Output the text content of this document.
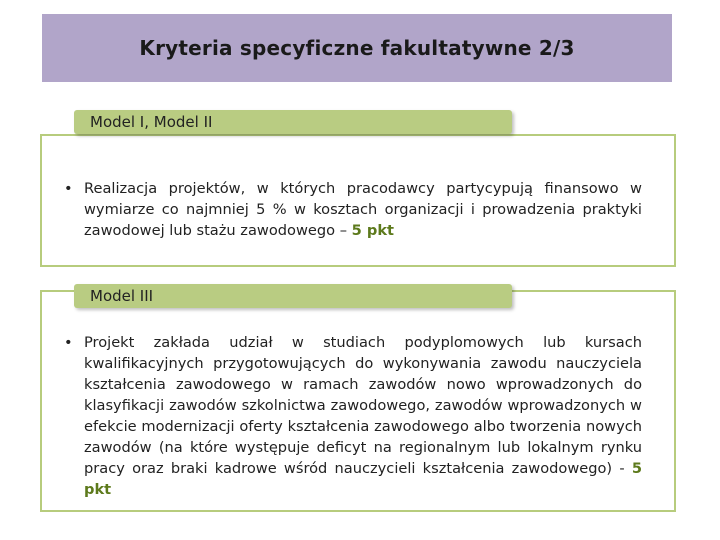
Kryteria specyficzne fakultatywne 2/3
Model I, Model II
• Realizacja projektów, w których pracodawcy partycypują finansowo w wymiarze co najmniej 5 % w kosztach organizacji i prowadzenia praktyki zawodowej lub stażu zawodowego – 5 pkt
Model III
• Projekt zakłada udział w studiach podyplomowych lub kursach kwalifikacyjnych przygotowujących do wykonywania zawodu nauczyciela kształcenia zawodowego w ramach zawodów nowo wprowadzonych do klasyfikacji zawodów szkolnictwa zawodowego, zawodów wprowadzonych w efekcie modernizacji oferty kształcenia zawodowego albo tworzenia nowych zawodów (na które występuje deficyt na regionalnym lub lokalnym rynku pracy oraz braki kadrowe wśród nauczycieli kształcenia zawodowego) - 5 pkt
